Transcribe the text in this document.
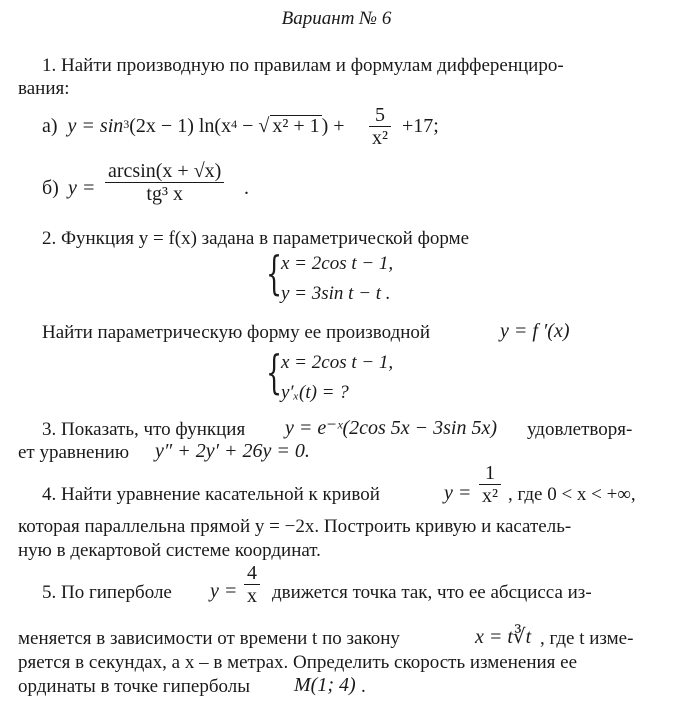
Вариант № 6
1. Найти производную по правилам и формулам дифференциро-
вания:
а) $y = \sin^3(2x - 1) \ln(x^4$ − √ x² + 1 ) + $\frac{5}{\text{x²}} +17$;
б) $y = \frac{\arcsin(x + √x)}{\text{tg³ x}}$ .
2. Функция y = f(x) задана в параметрической форме
{
x = 2cos t − 1,
y = 3sin t − t .
Найти параметрическую форму ее производной	y = f ′(x)
{
x = 2cos t − 1,
y′ₓ(t) = ?
3. Показать, что функция y = e⁻ˣ(2cos 5x − 3sin 5x) удовлетворя-
ет уравнению y″ + 2y′ + 26y = 0.
4. Найти уравнение касательной к кривой	$y = \frac{1}{\text{x²}}$ , где 0 < x < +∞,
которая параллельна прямой y = −2x. Построить кривую и касатель-
ную в декартовой системе координат.
5. По гиперболе $y = \frac{4}{x}$ движется точка так, что ее абсцисса из-
меняется в зависимости от времени t по закону	x = t∛t , где t изме-
ряется в секундах, а x – в метрах. Определить скорость изменения ее
ординаты в точке гиперболы M(1; 4) .
